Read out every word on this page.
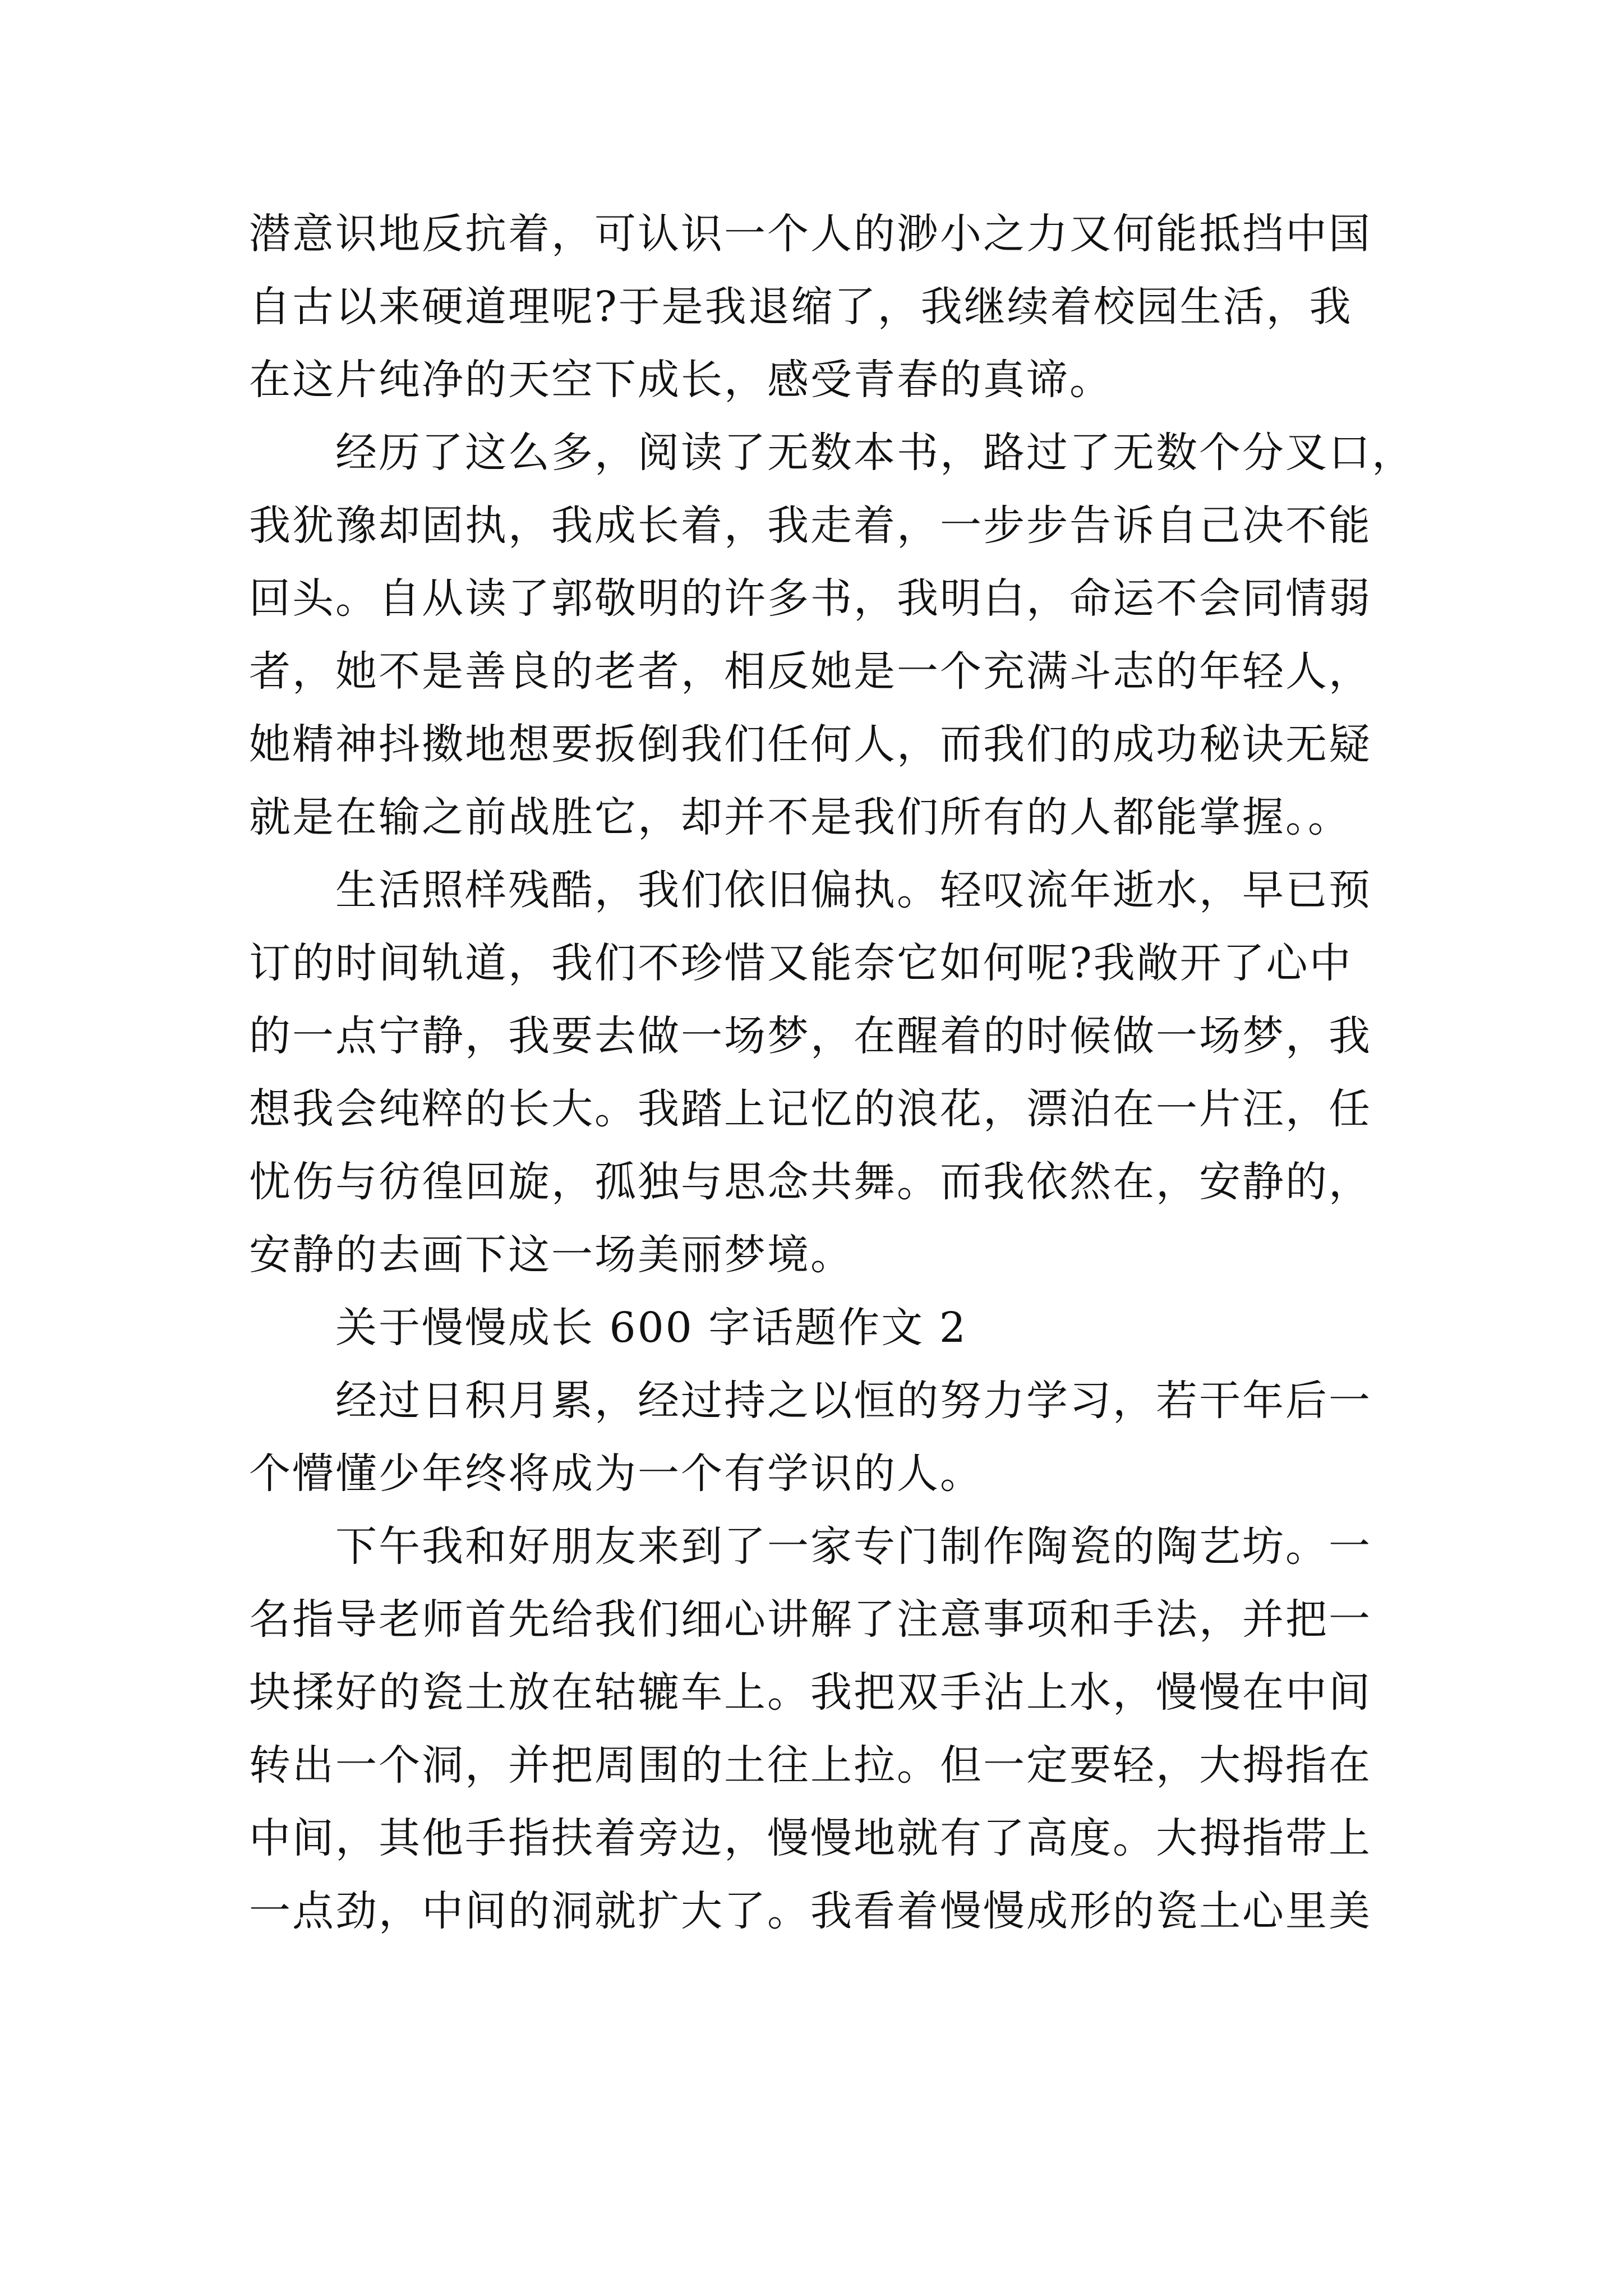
潜意识地反抗着，可认识一个人的渺小之力又何能抵挡中国
自古以来硬道理呢?于是我退缩了，我继续着校园生活，我
在这片纯净的天空下成长，感受青春的真谛。
经历了这么多，阅读了无数本书，路过了无数个分叉口，
我犹豫却固执，我成长着，我走着，一步步告诉自己决不能
回头。自从读了郭敬明的许多书，我明白，命运不会同情弱
者，她不是善良的老者，相反她是一个充满斗志的年轻人，
她精神抖擞地想要扳倒我们任何人，而我们的成功秘诀无疑
就是在输之前战胜它，却并不是我们所有的人都能掌握。。
生活照样残酷，我们依旧偏执。轻叹流年逝水，早已预
订的时间轨道，我们不珍惜又能奈它如何呢?我敞开了心中
的一点宁静，我要去做一场梦，在醒着的时候做一场梦，我
想我会纯粹的长大。我踏上记忆的浪花，漂泊在一片汪，任
忧伤与彷徨回旋，孤独与思念共舞。而我依然在，安静的，
安静的去画下这一场美丽梦境。
关于慢慢成长 600 字话题作文 2
经过日积月累，经过持之以恒的努力学习，若干年后一
个懵懂少年终将成为一个有学识的人。
下午我和好朋友来到了一家专门制作陶瓷的陶艺坊。一
名指导老师首先给我们细心讲解了注意事项和手法，并把一
块揉好的瓷土放在轱辘车上。我把双手沾上水，慢慢在中间
转出一个洞，并把周围的土往上拉。但一定要轻，大拇指在
中间，其他手指扶着旁边，慢慢地就有了高度。大拇指带上
一点劲，中间的洞就扩大了。我看着慢慢成形的瓷土心里美
